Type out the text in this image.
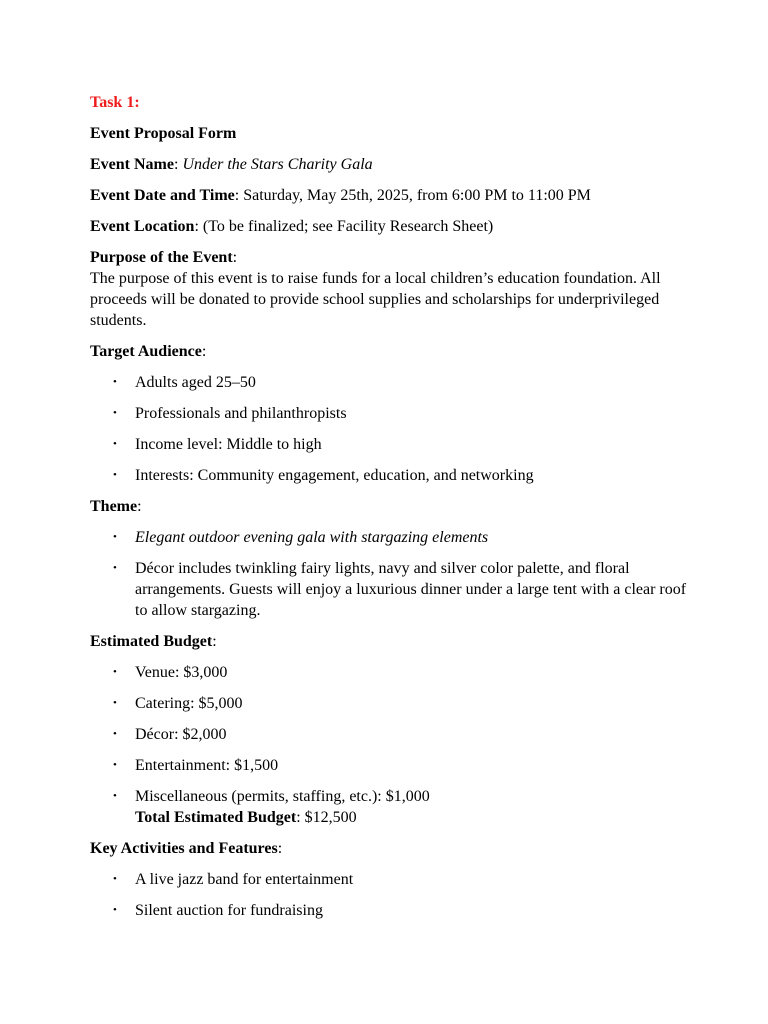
Task 1:

Event Proposal Form

Event Name: Under the Stars Charity Gala

Event Date and Time: Saturday, May 25th, 2025, from 6:00 PM to 11:00 PM

Event Location: (To be finalized; see Facility Research Sheet)

Purpose of the Event:
The purpose of this event is to raise funds for a local children’s education foundation. All proceeds will be donated to provide school supplies and scholarships for underprivileged students.

Target Audience:

• Adults aged 25–50
• Professionals and philanthropists
• Income level: Middle to high
• Interests: Community engagement, education, and networking

Theme:

• Elegant outdoor evening gala with stargazing elements
• Décor includes twinkling fairy lights, navy and silver color palette, and floral arrangements. Guests will enjoy a luxurious dinner under a large tent with a clear roof to allow stargazing.

Estimated Budget:

• Venue: $3,000
• Catering: $5,000
• Décor: $2,000
• Entertainment: $1,500
• Miscellaneous (permits, staffing, etc.): $1,000
Total Estimated Budget: $12,500

Key Activities and Features:

• A live jazz band for entertainment
• Silent auction for fundraising
